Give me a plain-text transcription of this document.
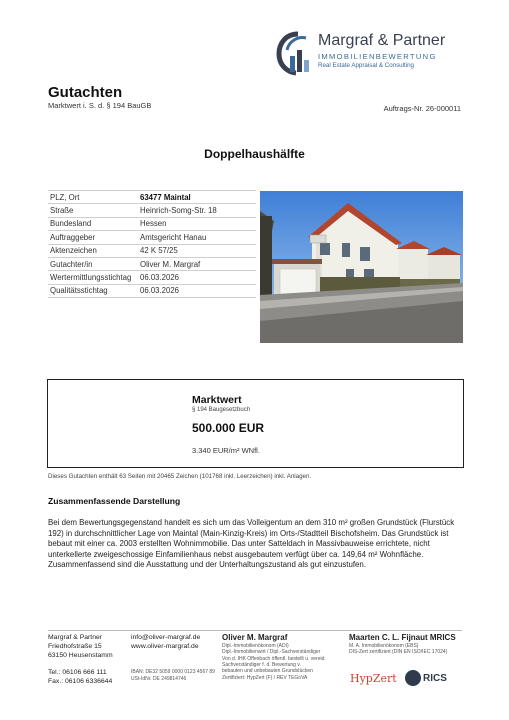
Margraf & Partner
IMMOBILIENBEWERTUNG
Real Estate Appraisal & Consulting
Gutachten
Marktwert i. S. d. § 194 BauGB	Auftrags-Nr. 26-000011
Doppelhaushälfte
PLZ, Ort	63477 Maintal
Straße	Heinrich-Somg-Str. 18
Bundesland	Hessen
Auftraggeber	Amtsgericht Hanau
Aktenzeichen	42 K 57/25
Gutachter/in	Oliver M. Margraf
Wertermittlungsstichtag	06.03.2026
Qualitätsstichtag	06.03.2026
Marktwert
§ 194 Baugesetzbuch
500.000 EUR
3.340 EUR/m² WNfl.
Dieses Gutachten enthält 63 Seiten mit 20465 Zeichen (101768 inkl. Leerzeichen) inkl. Anlagen.
Zusammenfassende Darstellung
Bei dem Bewertungsgegenstand handelt es sich um das Volleigentum an dem 310 m² großen Grundstück (Flurstück 192) in durchschnittlicher Lage von Maintal (Main-Kinzig-Kreis) im Orts-/Stadtteil Bischofsheim. Das Grundstück ist bebaut mit einer ca. 2003 erstellten Wohnimmobilie. Das unter Satteldach in Massivbauweise errichtete, nicht unterkellerte zweigeschossige Einfamilienhaus nebst ausgebautem verfügt über ca. 149,64 m² Wohnfläche. Zusammenfassend sind die Ausstattung und der Unterhaltungszustand als gut einzustufen.
Margraf & Partner
Friedhofstraße 15
63150 Heusenstamm

Tel.: 06106 666 111
Fax.: 06106 6336644
info@oliver-margraf.de
www.oliver-margraf.de
IBAN: DE32 5059 0000 0123 4567 89
USt-IdNr. DE 249814746
Oliver M. Margraf
Dipl.-Immobilienökonom (ADI)
Dipl.-Immobilienwirt / Dipl.-Sachverständiger
Von d. IHK Offenbach öffentl. bestellt u. vereid.
Sachverständiger f. d. Bewertung v.
bebauten und unbebauten Grundstücken
Zertifiziert: HypZert (F) / REV TEGoVA
Maarten C. L. Fijnaut MRICS
M. A. Immobilienökonom (EBS)
DIS-Zert zertifiziert (DIN EN ISO/IEC 17024)
HypZert	RICS
